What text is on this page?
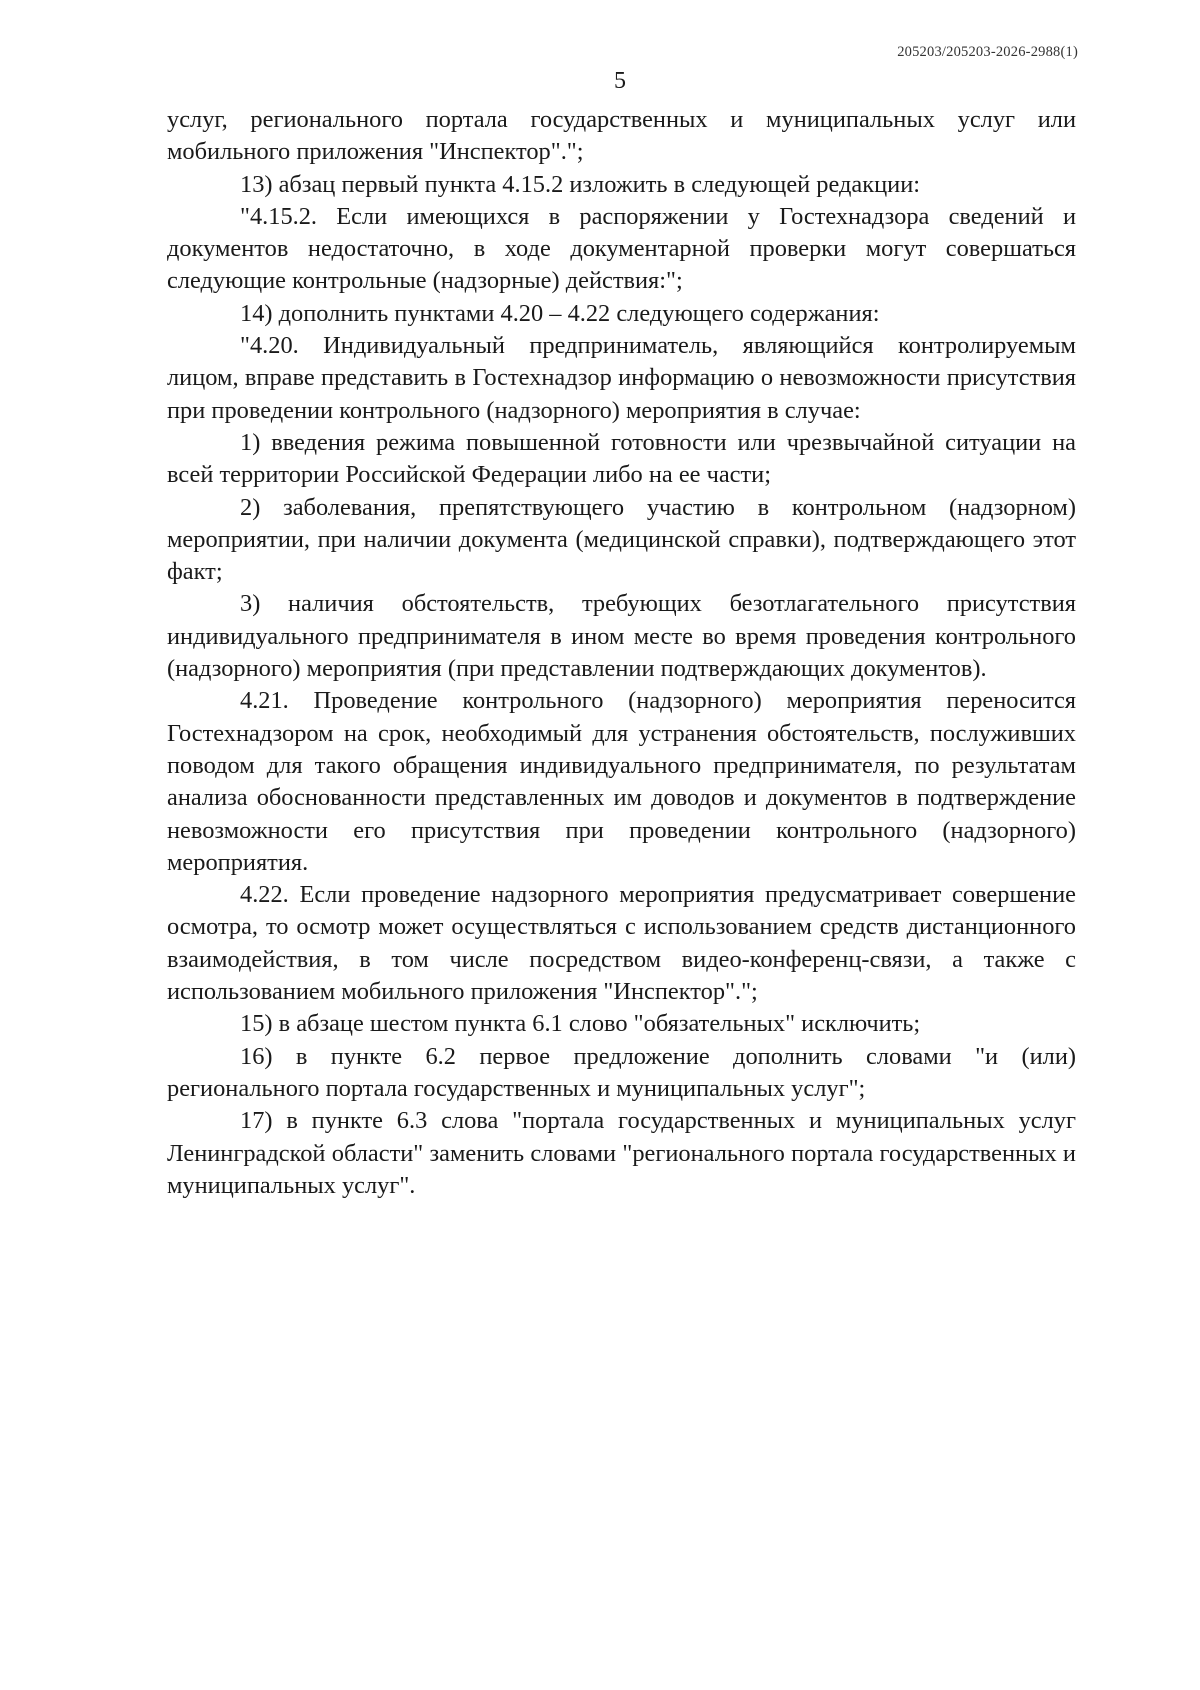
205203/205203-2026-2988(1)
5

услуг, регионального портала государственных и муниципальных услуг или мобильного приложения "Инспектор".";

13) абзац первый пункта 4.15.2 изложить в следующей редакции:

"4.15.2. Если имеющихся в распоряжении у Гостехнадзора сведений и документов недостаточно, в ходе документарной проверки могут совершаться следующие контрольные (надзорные) действия:";

14) дополнить пунктами 4.20 – 4.22 следующего содержания:

"4.20. Индивидуальный предприниматель, являющийся контролируемым лицом, вправе представить в Гостехнадзор информацию о невозможности присутствия при проведении контрольного (надзорного) мероприятия в случае:

1) введения режима повышенной готовности или чрезвычайной ситуации на всей территории Российской Федерации либо на ее части;

2) заболевания, препятствующего участию в контрольном (надзорном) мероприятии, при наличии документа (медицинской справки), подтверждающего этот факт;

3) наличия обстоятельств, требующих безотлагательного присутствия индивидуального предпринимателя в ином месте во время проведения контрольного (надзорного) мероприятия (при представлении подтверждающих документов).

4.21. Проведение контрольного (надзорного) мероприятия переносится Гостехнадзором на срок, необходимый для устранения обстоятельств, послуживших поводом для такого обращения индивидуального предпринимателя, по результатам анализа обоснованности представленных им доводов и документов в подтверждение невозможности его присутствия при проведении контрольного (надзорного) мероприятия.

4.22. Если проведение надзорного мероприятия предусматривает совершение осмотра, то осмотр может осуществляться с использованием средств дистанционного взаимодействия, в том числе посредством видео-конференц-связи, а также с использованием мобильного приложения "Инспектор".";

15) в абзаце шестом пункта 6.1 слово "обязательных" исключить;

16) в пункте 6.2 первое предложение дополнить словами "и (или) регионального портала государственных и муниципальных услуг";

17) в пункте 6.3 слова "портала государственных и муниципальных услуг Ленинградской области" заменить словами "регионального портала государственных и муниципальных услуг".
